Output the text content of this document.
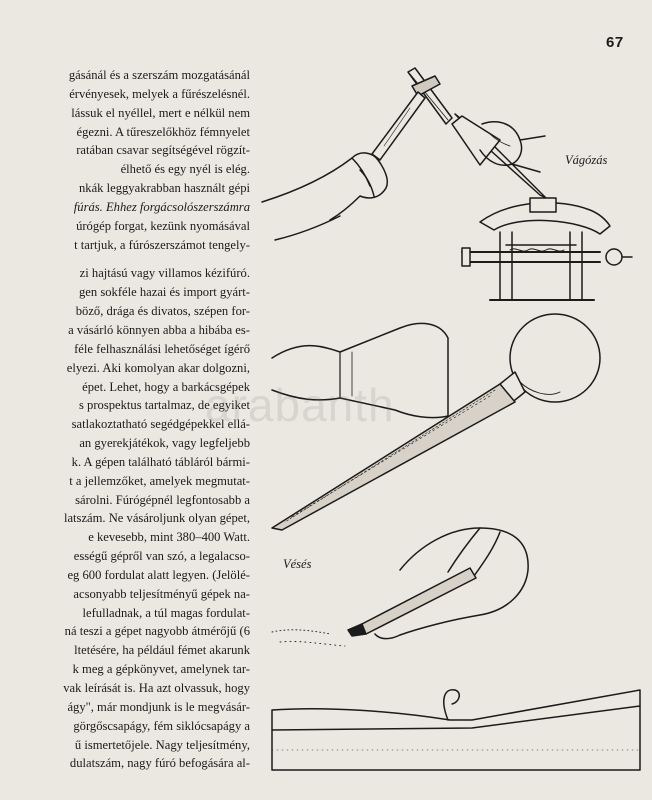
67
gásánál és a szerszám mozgatásánál
érvényesek, melyek a fűrészelésnél.
lássuk el nyéllel, mert e nélkül nem
égezni. A tűreszelőkhöz fémnyelet
ratában csavar segítségével rögzít-
élhető és egy nyél is elég.
nkák leggyakrabban használt gépi
fúrás. Ehhez forgácsolószerszámra
úrógép forgat, kezünk nyomásával
t tartjuk, a fúrószerszámot tengely-
zi hajtású vagy villamos kézifúró.
gen sokféle hazai és import gyárt-
böző, drága és divatos, szépen for-
a vásárló könnyen abba a hibába es-
féle felhasználási lehetőséget ígérő
elyezi. Aki komolyan akar dolgozni,
épet. Lehet, hogy a barkácsgépek
s prospektus tartalmaz, de egyiket
satlakoztatható segédgépekkel ellá-
an gyerekjátékok, vagy legfeljebb
k. A gépen található tábláról bármi-
t a jellemzőket, amelyek megmutat-
sárolni. Fúrógépnél legfontosabb a
latszám. Ne vásároljunk olyan gépet,
e kevesebb, mint 380–400 Watt.
ességű gépről van szó, a legalacso-
eg 600 fordulat alatt legyen. (Jelölé-
acsonyabb teljesítményű gépek na-
lefulladnak, a túl magas fordulat-
ná teszi a gépet nagyobb átmérőjű (6
ltetésére, ha például fémet akarunk
k meg a gépkönyvet, amelynek tar-
vak leírását is. Ha azt olvassuk, hogy
ágy", már mondjunk is le megvásár-
görgőscsapágy, fém siklócsapágy a
ű ismertetőjele. Nagy teljesítmény,
dulatszám, nagy fúró befogására al-
Vágózás
Vésés
arabanth
